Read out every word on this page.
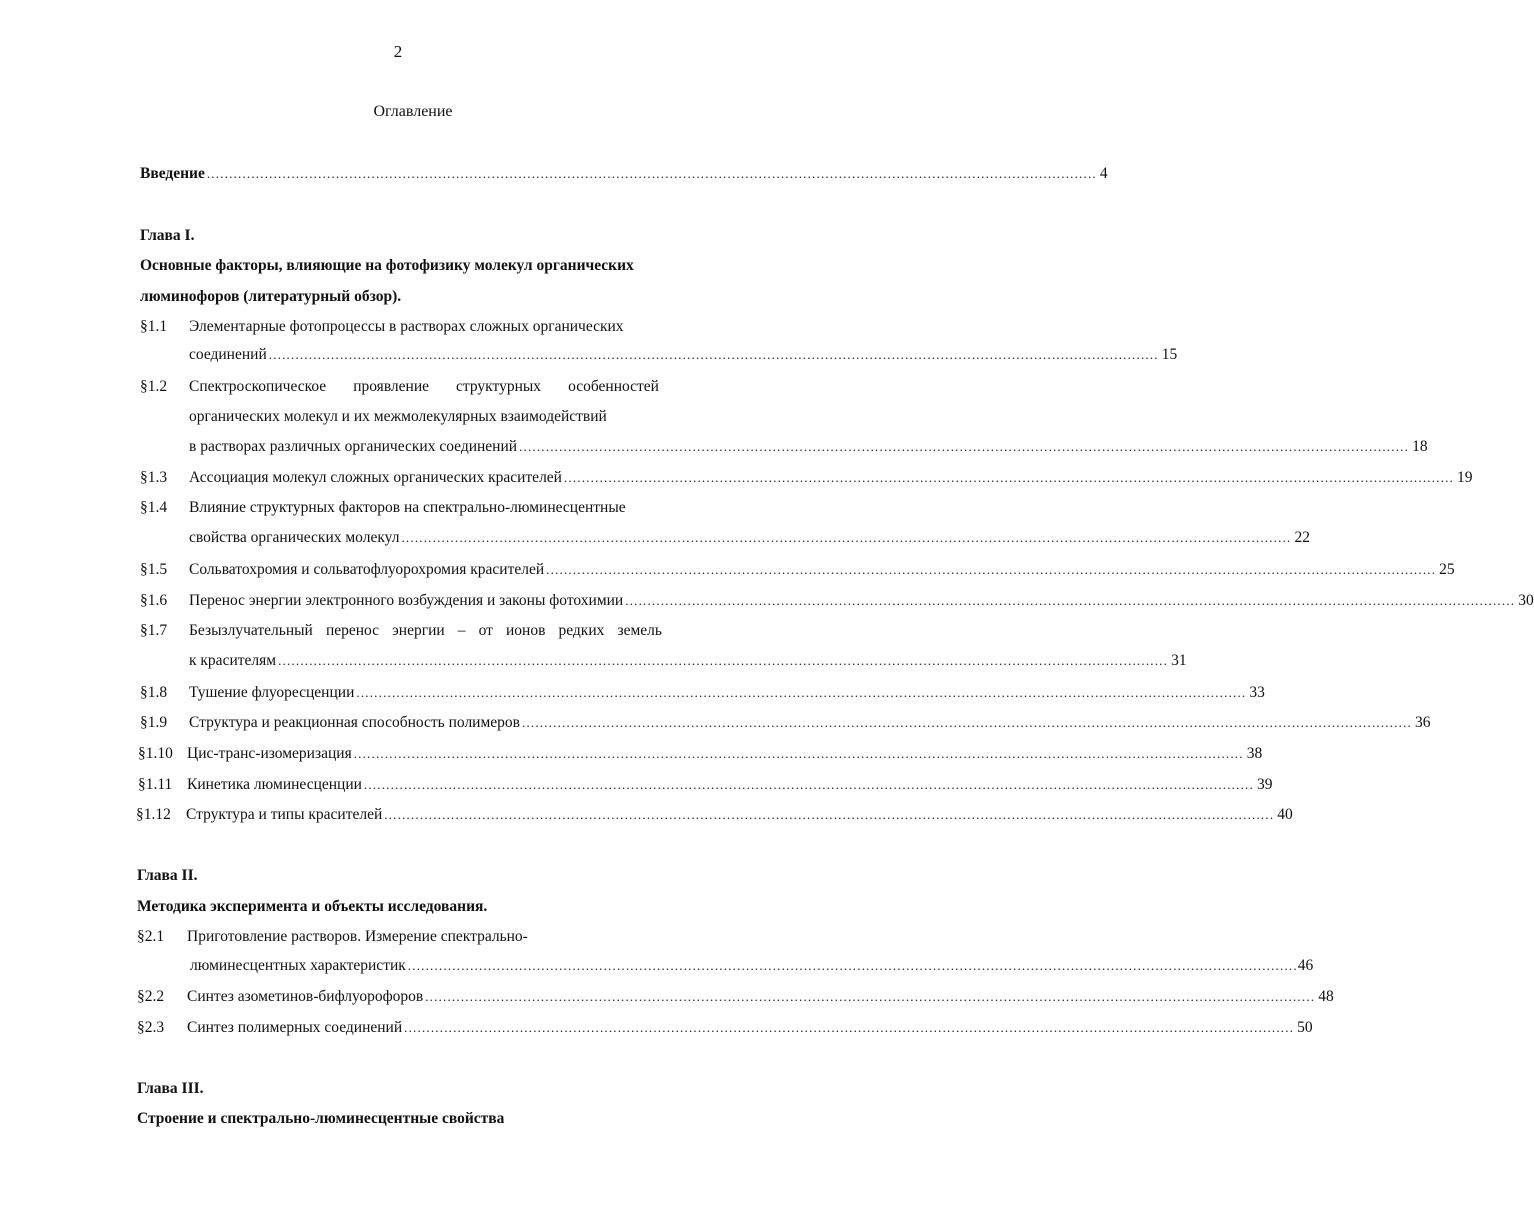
2
Оглавление
Введение ........................................................................................................................................................................................................ 4
Глава I.
Основные факторы, влияющие на фотофизику молекул органических
люминофоров (литературный обзор).
§1.1 Элементарные фотопроцессы в растворах сложных органических
соединений ........................................................................................................................................................................................................ 15
§1.2 Спектроскопическое проявление структурных особенностей
органических молекул и их межмолекулярных взаимодействий
в растворах различных органических соединений ........................................................................................................................................................................................................ 18
§1.3 Ассоциация молекул сложных органических красителей ........................................................................................................................................................................................................ 19
§1.4 Влияние структурных факторов на спектрально-люминесцентные
свойства органических молекул ........................................................................................................................................................................................................ 22
§1.5 Сольватохромия и сольватофлуорохромия красителей ........................................................................................................................................................................................................ 25
§1.6 Перенос энергии электронного возбуждения и законы фотохимии ........................................................................................................................................................................................................ 30
§1.7 Безызлучательный перенос энергии – от ионов редких земель
к красителям ........................................................................................................................................................................................................ 31
§1.8 Тушение флуоресценции ........................................................................................................................................................................................................ 33
§1.9 Структура и реакционная способность полимеров ........................................................................................................................................................................................................ 36
§1.10 Цис-транс-изомеризация ........................................................................................................................................................................................................ 38
§1.11 Кинетика люминесценции ........................................................................................................................................................................................................ 39
§1.12 Структура и типы красителей ........................................................................................................................................................................................................ 40
Глава II.
Методика эксперимента и объекты исследования.
§2.1 Приготовление растворов. Измерение спектрально-
люминесцентных характеристик ........................................................................................................................................................................................................ 46
§2.2 Синтез азометинов-бифлуорофоров ........................................................................................................................................................................................................ 48
§2.3 Синтез полимерных соединений ........................................................................................................................................................................................................ 50
Глава III.
Строение и спектрально-люминесцентные свойства
